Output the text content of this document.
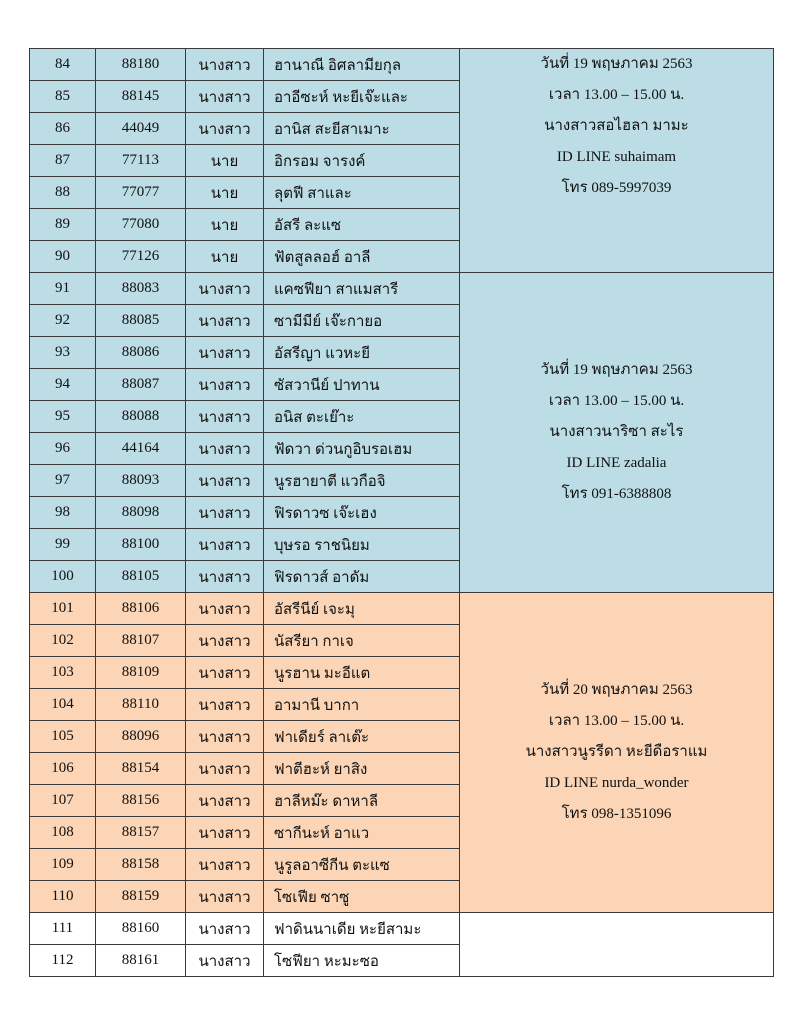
84	88180	นางสาว	ฮานาณี อิศลามียกุล	วันที่ 19 พฤษภาคม 2563
เวลา 13.00 – 15.00 น.
นางสาวสอไฮลา มามะ
ID LINE suhaimam
โทร 089-5997039

85	88145	นางสาว	อาอีซะห์ หะยีเจ๊ะและ	
86	44049	นางสาว	อานิส สะยีสาเมาะ	
87	77113	นาย	อิกรอม จารงค์	
88	77077	นาย	ลุตฟี สาและ	
89	77080	นาย	อัสรี ละแซ	
90	77126	นาย	ฟัตสูลลอฮ์ อาลี	
91	88083	นางสาว	แคซฟียา สาแมสารี	วันที่ 19 พฤษภาคม 2563
เวลา 13.00 – 15.00 น.
นางสาวนาริซา สะไร
ID LINE zadalia
โทร 091-6388808

92	88085	นางสาว	ซามีมีย์ เจ๊ะกายอ	
93	88086	นางสาว	อัสรีญา แวหะยี	
94	88087	นางสาว	ซัสวานีย์ ปาทาน	
95	88088	นางสาว	อนิส ตะเย๊าะ	
96	44164	นางสาว	ฟัดวา ด่วนกูอิบรอเฮม	
97	88093	นางสาว	นูรฮายาตี แวกือจิ	
98	88098	นางสาว	ฟิรดาวซ เจ๊ะเฮง	
99	88100	นางสาว	บุษรอ ราชนิยม	
100	88105	นางสาว	ฟิรดาวส์ อาดัม	
101	88106	นางสาว	อัสรีนีย์ เจะมุ	วันที่ 20 พฤษภาคม 2563
เวลา 13.00 – 15.00 น.
นางสาวนูรรีดา หะยีดือราแม
ID LINE nurda_wonder
โทร 098-1351096

102	88107	นางสาว	นัสรียา กาเจ	
103	88109	นางสาว	นูรฮาน มะอีแต	
104	88110	นางสาว	อามานี บากา	
105	88096	นางสาว	ฟาเดียร์ ลาเต๊ะ	
106	88154	นางสาว	ฟาตีฮะห์ ยาสิง	
107	88156	นางสาว	ฮาลีหม๊ะ ดาหาลี	
108	88157	นางสาว	ซากีนะห์ อาแว	
109	88158	นางสาว	นูรูลอาซีกีน ตะแซ	
110	88159	นางสาว	โซเฟีย ซาซู	
111	88160	นางสาว	ฟาดินนาเดีย หะยีสามะ	
112	88161	นางสาว	โซฟียา หะมะซอ	
